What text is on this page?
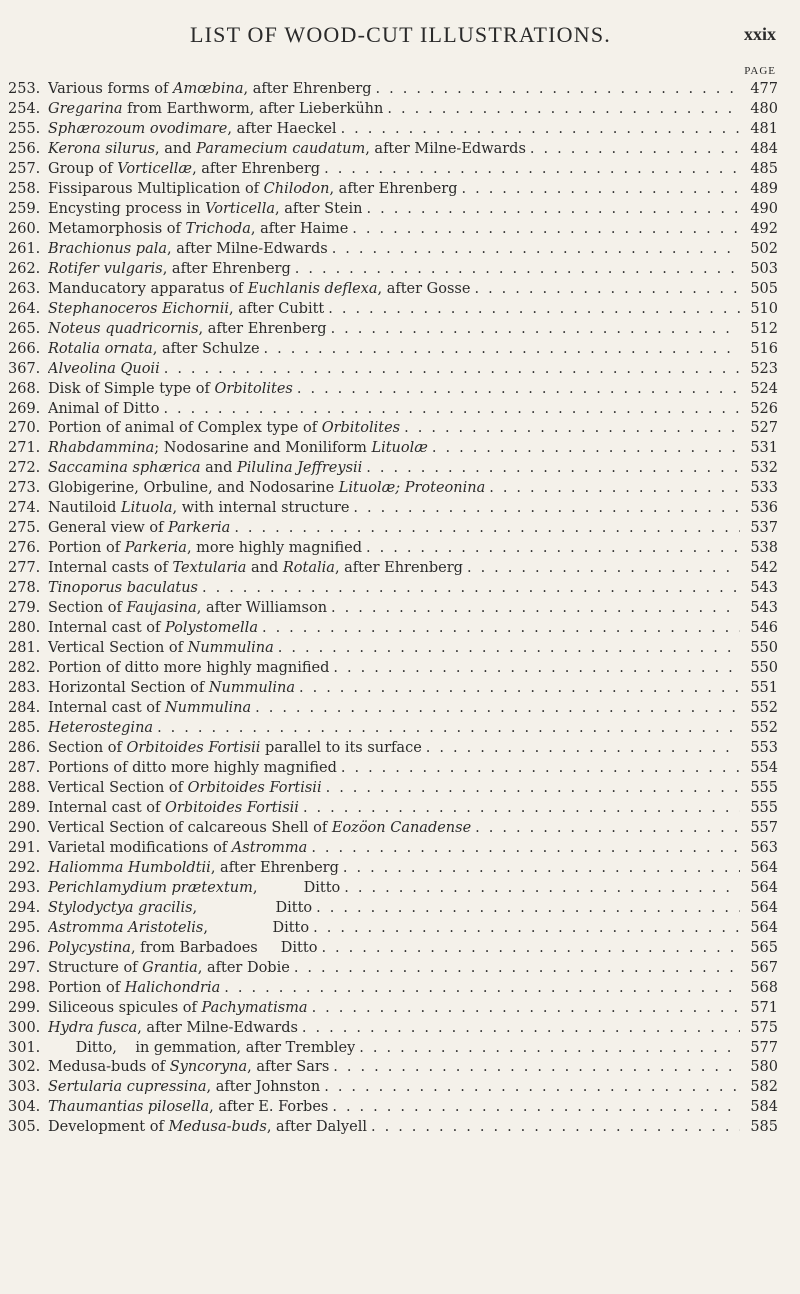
LIST OF WOOD-CUT ILLUSTRATIONS.	xxix
PAGE
253. Various forms of Amœbina, after Ehrenberg .....	477
254. Gregarina from Earthworm, after Lieberkühn .....	480
255. Sphærozoum ovodimare, after Haeckel .....	481
256. Kerona silurus, and Paramecium caudatum, after Milne-Edwards .....	484
257. Group of Vorticellæ, after Ehrenberg .....	485
258. Fissiparous Multiplication of Chilodon, after Ehrenberg .....	489
259. Encysting process in Vorticella, after Stein .....	490
260. Metamorphosis of Trichoda, after Haime .....	492
261. Brachionus pala, after Milne-Edwards .....	502
262. Rotifer vulgaris, after Ehrenberg .....	503
263. Manducatory apparatus of Euchlanis deflexa, after Gosse .....	505
264. Stephanoceros Eichornii, after Cubitt .....	510
265. Noteus quadricornis, after Ehrenberg .....	512
266. Rotalia ornata, after Schulze .....	516
367. Alveolina Quoii .....	523
268. Disk of Simple type of Orbitolites .....	524
269. Animal of Ditto .....	526
270. Portion of animal of Complex type of Orbitolites .....	527
271. Rhabdammina; Nodosarine and Moniliform Lituolæ .....	531
272. Saccamina sphærica and Pilulina Jeffreysii .....	532
273. Globigerine, Orbuline, and Nodosarine Lituolæ; Proteonina .....	533
274. Nautiloid Lituola, with internal structure .....	536
275. General view of Parkeria .....	537
276. Portion of Parkeria, more highly magnified .....	538
277. Internal casts of Textularia and Rotalia, after Ehrenberg .....	542
278. Tinoporus baculatus .....	543
279. Section of Faujasina, after Williamson .....	543
280. Internal cast of Polystomella .....	546
281. Vertical Section of Nummulina .....	550
282. Portion of ditto more highly magnified .....	550
283. Horizontal Section of Nummulina .....	551
284. Internal cast of Nummulina .....	552
285. Heterostegina .....	552
286. Section of Orbitoides Fortisii parallel to its surface .....	553
287. Portions of ditto more highly magnified .....	554
288. Vertical Section of Orbitoides Fortisii .....	555
289. Internal cast of Orbitoides Fortisii .....	555
290. Vertical Section of calcareous Shell of Eozöon Canadense .....	557
291. Varietal modifications of Astromma .....	563
292. Haliomma Humboldtii, after Ehrenberg .....	564
293. Perichlamydium prætextum,          Ditto .....	564
294. Stylodyctya gracilis,                 Ditto .....	564
295. Astromma Aristotelis,              Ditto .....	564
296. Polycystina, from Barbadoes     Ditto .....	565
297. Structure of Grantia, after Dobie .....	567
298. Portion of Halichondria .....	568
299. Siliceous spicules of Pachymatisma .....	571
300. Hydra fusca, after Milne-Edwards .....	575
301. Ditto,    in gemmation, after Trembley .....	577
302. Medusa-buds of Syncoryna, after Sars .....	580
303. Sertularia cupressina, after Johnston .....	582
304. Thaumantias pilosella, after E. Forbes .....	584
305. Development of Medusa-buds, after Dalyell .....	585
